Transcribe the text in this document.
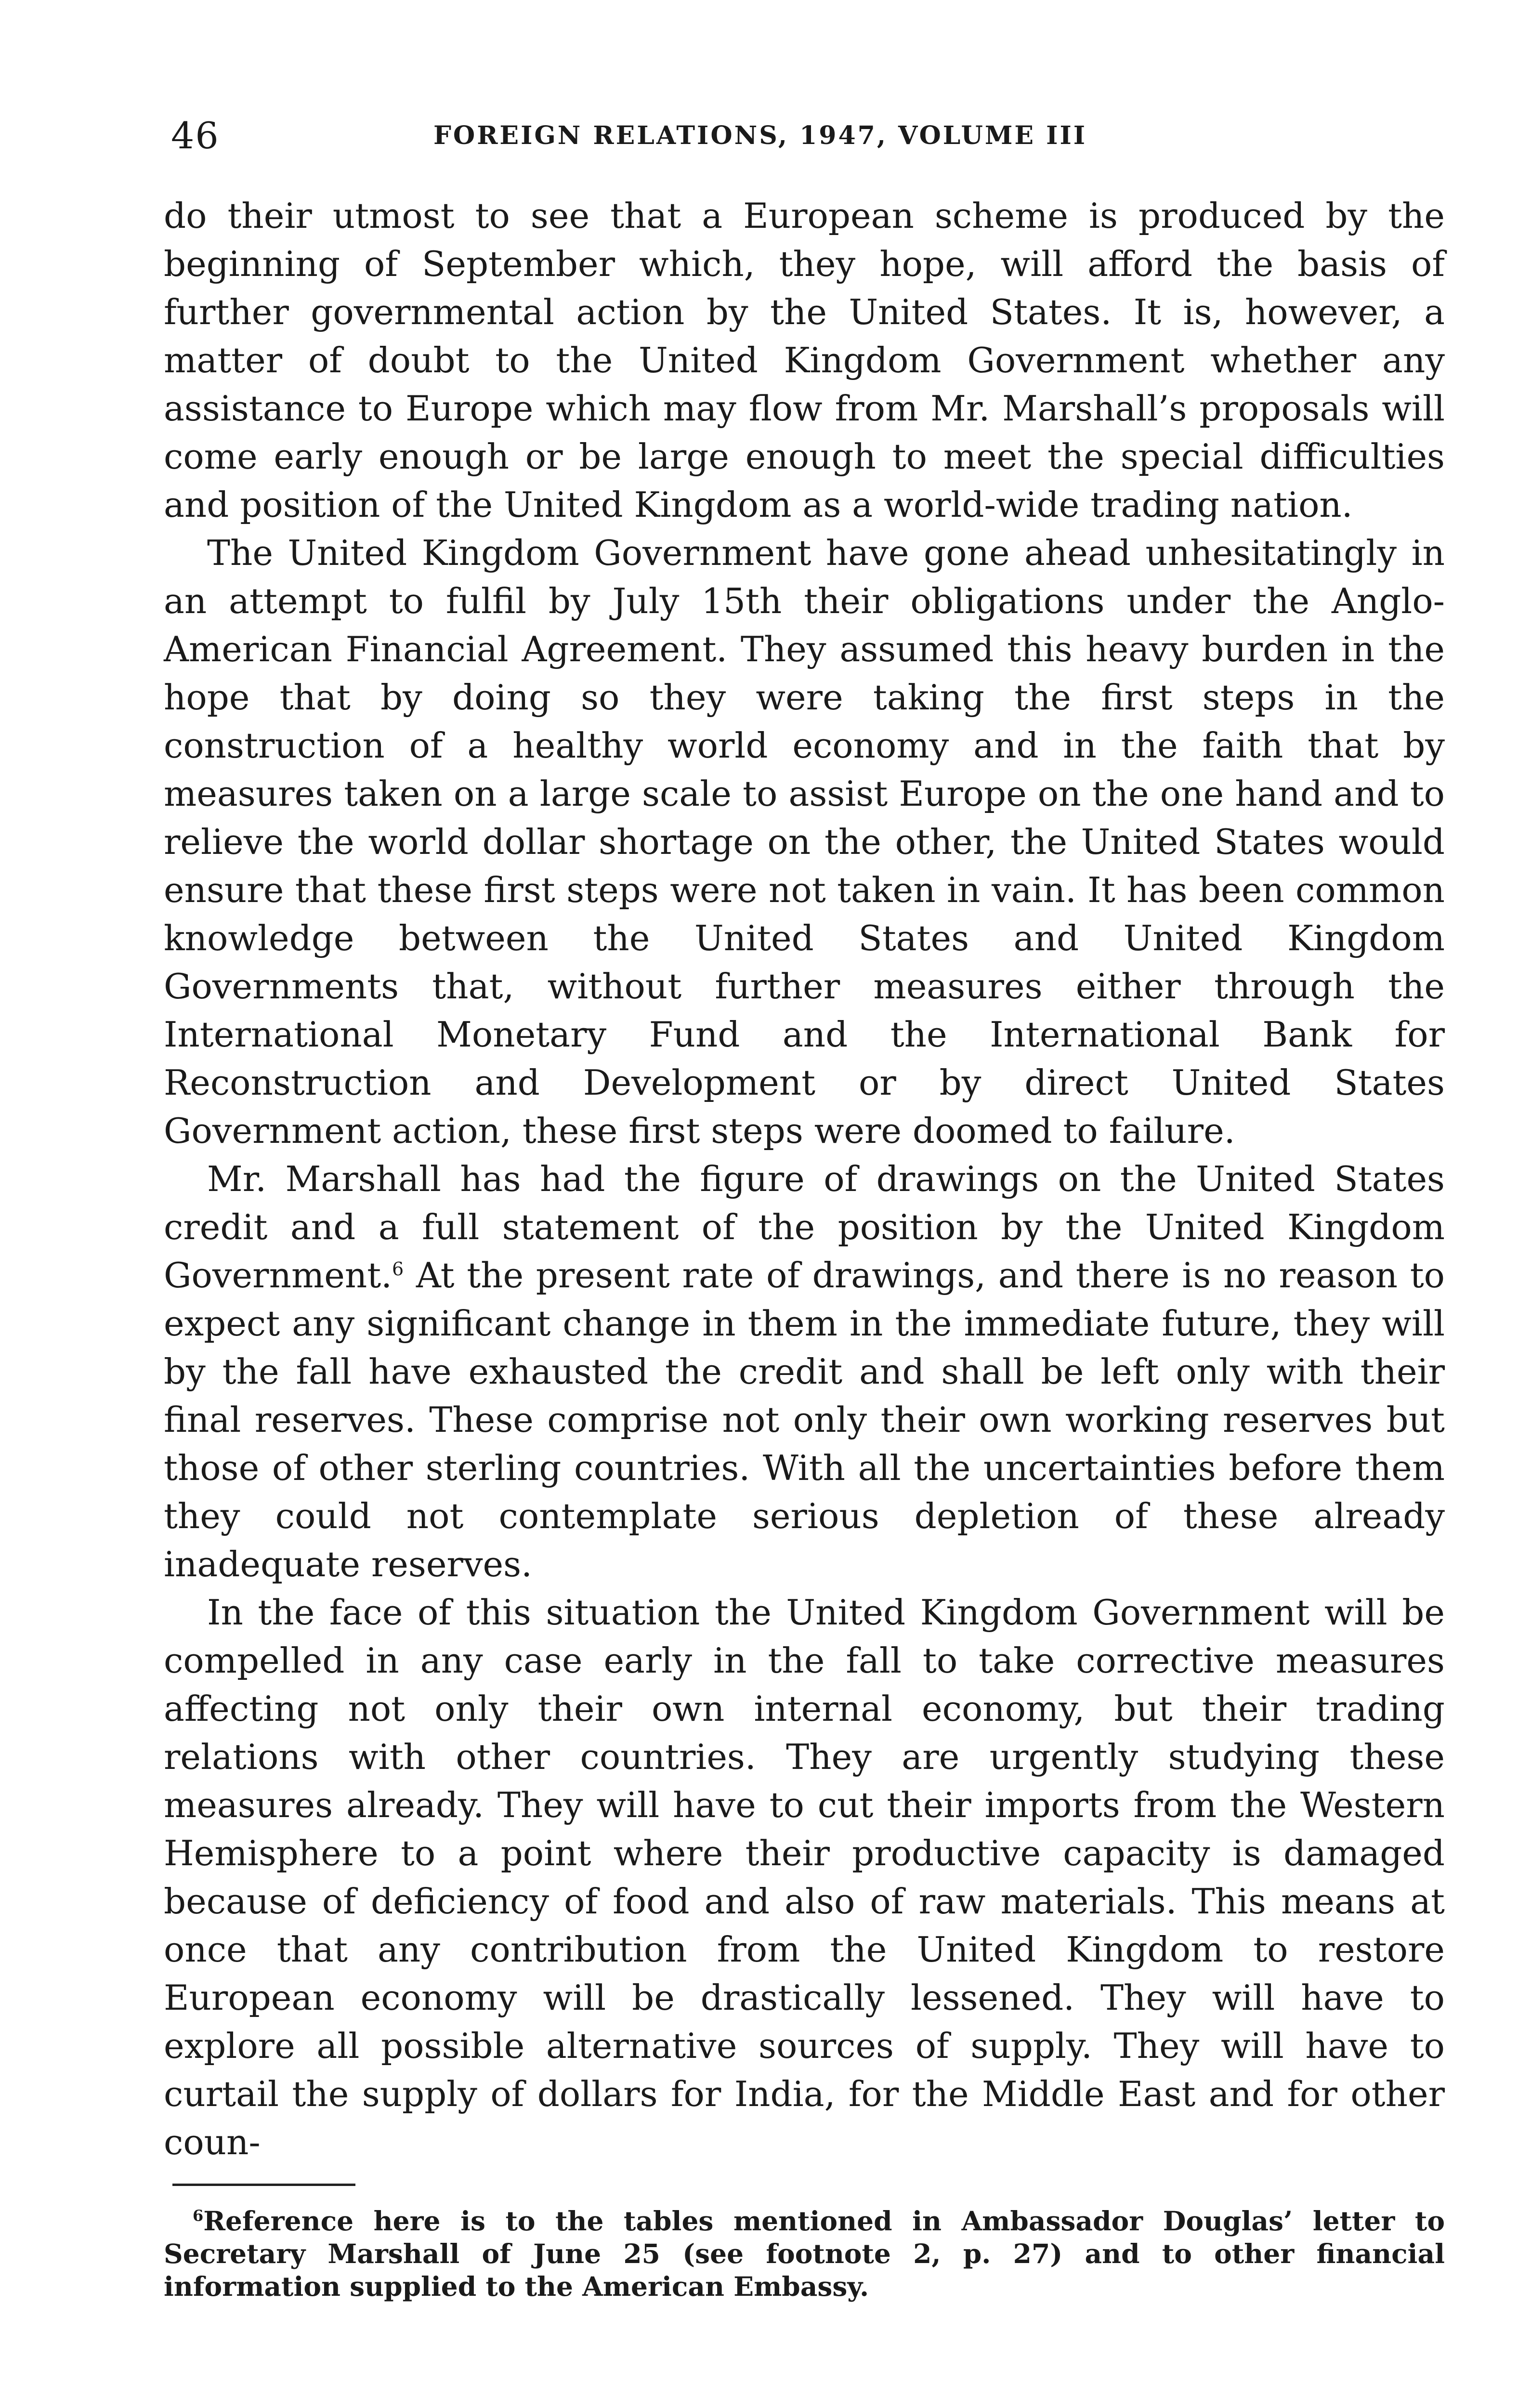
46	FOREIGN RELATIONS, 1947, VOLUME III

do their utmost to see that a European scheme is produced by the beginning of September which, they hope, will afford the basis of further governmental action by the United States. It is, however, a matter of doubt to the United Kingdom Government whether any assistance to Europe which may flow from Mr. Marshall’s proposals will come early enough or be large enough to meet the special difficulties and position of the United Kingdom as a world-wide trading nation.

The United Kingdom Government have gone ahead unhesitatingly in an attempt to fulfil by July 15th their obligations under the Anglo-American Financial Agreement. They assumed this heavy burden in the hope that by doing so they were taking the first steps in the construction of a healthy world economy and in the faith that by measures taken on a large scale to assist Europe on the one hand and to relieve the world dollar shortage on the other, the United States would ensure that these first steps were not taken in vain. It has been common knowledge between the United States and United Kingdom Governments that, without further measures either through the International Monetary Fund and the International Bank for Reconstruction and Development or by direct United States Government action, these first steps were doomed to failure.

Mr. Marshall has had the figure of drawings on the United States credit and a full statement of the position by the United Kingdom Government.$^6$ At the present rate of drawings, and there is no reason to expect any significant change in them in the immediate future, they will by the fall have exhausted the credit and shall be left only with their final reserves. These comprise not only their own working reserves but those of other sterling countries. With all the uncertainties before them they could not contemplate serious depletion of these already inadequate reserves.

In the face of this situation the United Kingdom Government will be compelled in any case early in the fall to take corrective measures affecting not only their own internal economy, but their trading relations with other countries. They are urgently studying these measures already. They will have to cut their imports from the Western Hemisphere to a point where their productive capacity is damaged because of deficiency of food and also of raw materials. This means at once that any contribution from the United Kingdom to restore European economy will be drastically lessened. They will have to explore all possible alternative sources of supply. They will have to curtail the supply of dollars for India, for the Middle East and for other coun-

$^6$Reference here is to the tables mentioned in Ambassador Douglas’ letter to Secretary Marshall of June 25 (see footnote 2, p. 27) and to other financial information supplied to the American Embassy.
